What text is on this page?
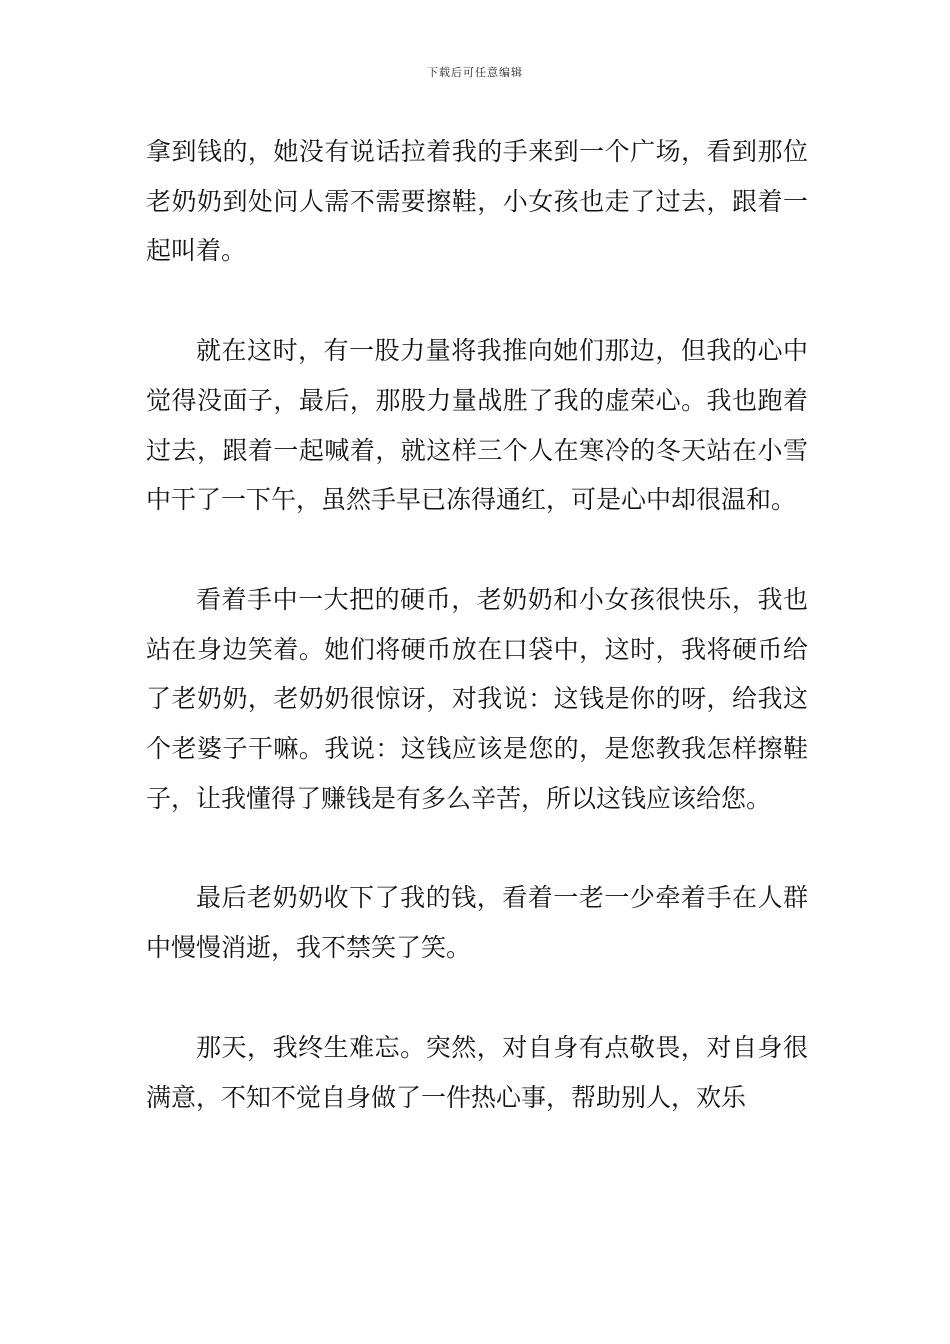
下载后可任意编辑

拿到钱的，她没有说话拉着我的手来到一个广场，看到那位老奶奶到处问人需不需要擦鞋，小女孩也走了过去，跟着一起叫着。

就在这时，有一股力量将我推向她们那边，但我的心中觉得没面子，最后，那股力量战胜了我的虚荣心。我也跑着过去，跟着一起喊着，就这样三个人在寒冷的冬天站在小雪中干了一下午，虽然手早已冻得通红，可是心中却很温和。

看着手中一大把的硬币，老奶奶和小女孩很快乐，我也站在身边笑着。她们将硬币放在口袋中，这时，我将硬币给了老奶奶，老奶奶很惊讶，对我说：这钱是你的呀，给我这个老婆子干嘛。我说：这钱应该是您的，是您教我怎样擦鞋子，让我懂得了赚钱是有多么辛苦，所以这钱应该给您。

最后老奶奶收下了我的钱，看着一老一少牵着手在人群中慢慢消逝，我不禁笑了笑。

那天，我终生难忘。突然，对自身有点敬畏，对自身很满意，不知不觉自身做了一件热心事，帮助别人，欢乐
